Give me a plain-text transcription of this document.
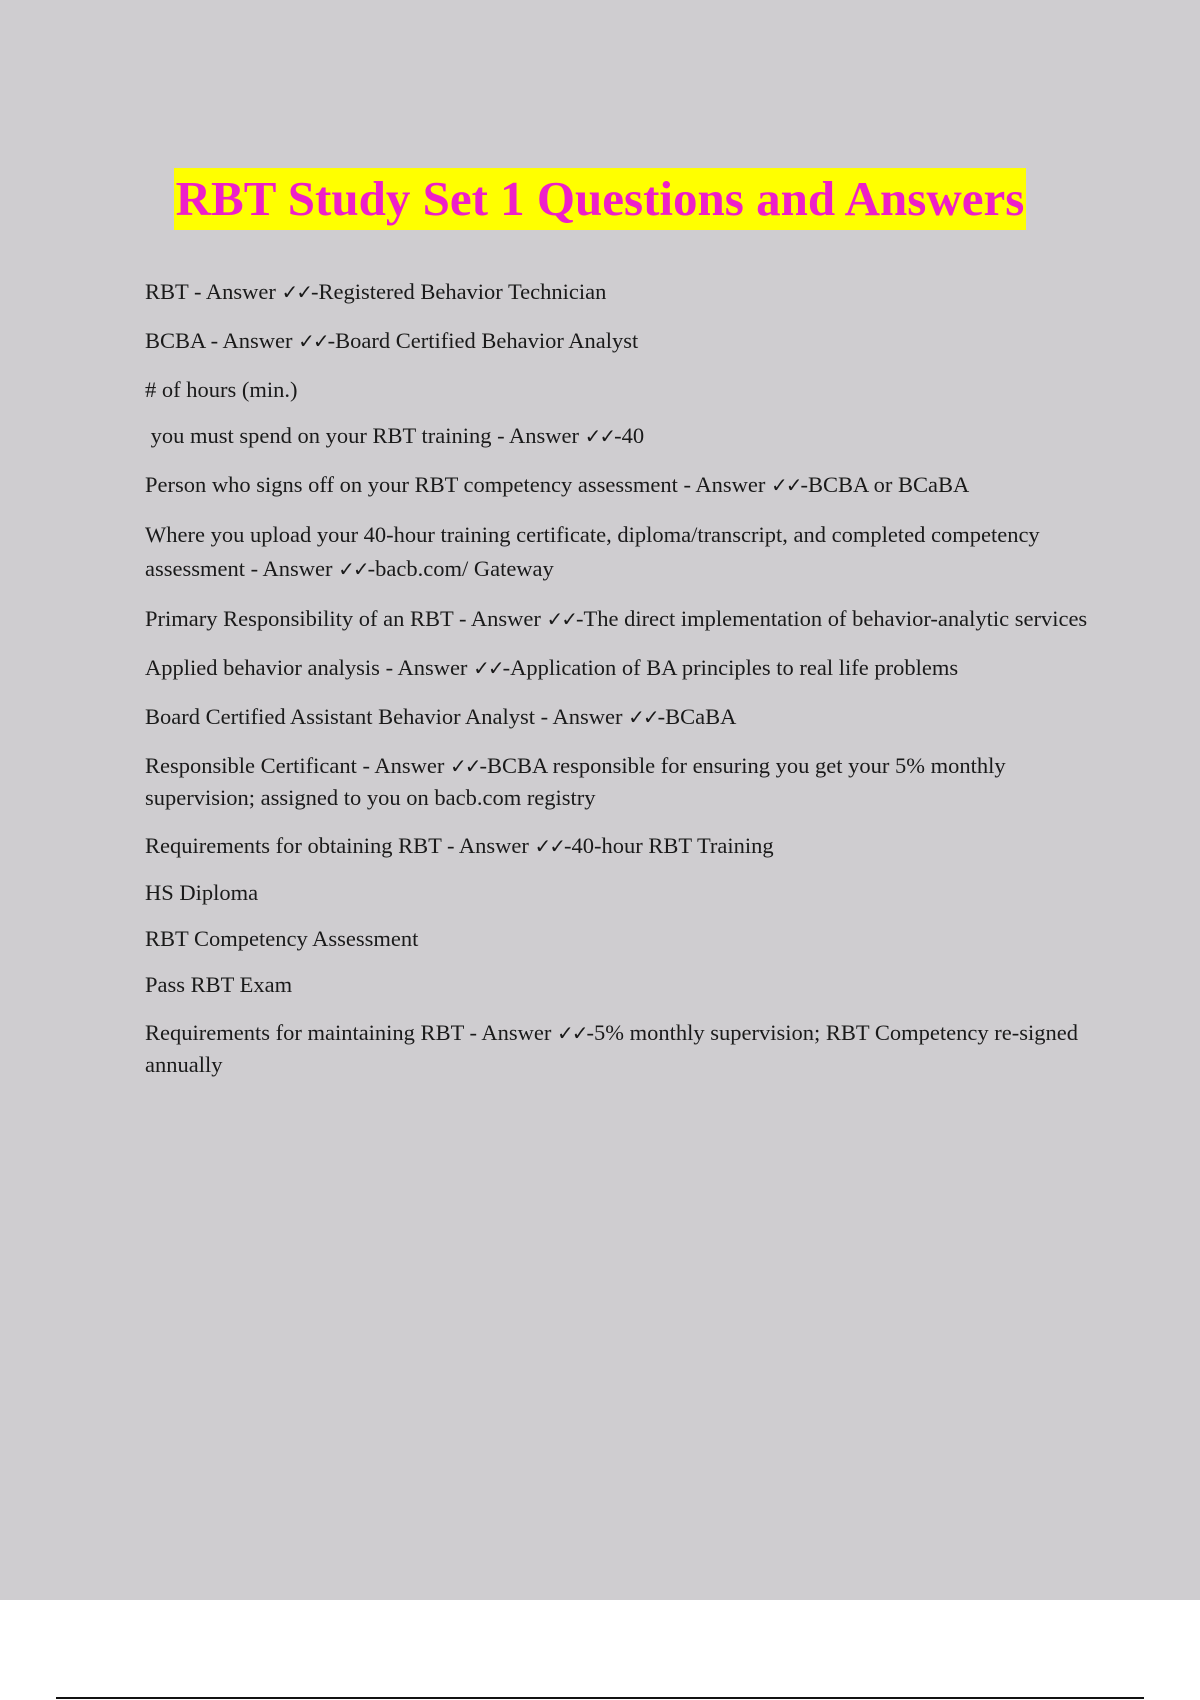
RBT Study Set 1 Questions and Answers
RBT - Answer ✓✓-Registered Behavior Technician
BCBA - Answer ✓✓-Board Certified Behavior Analyst
# of hours (min.)
you must spend on your RBT training - Answer ✓✓-40
Person who signs off on your RBT competency assessment - Answer ✓✓-BCBA or BCaBA
Where you upload your 40-hour training certificate, diploma/transcript, and completed competency assessment - Answer ✓✓-bacb.com/ Gateway
Primary Responsibility of an RBT - Answer ✓✓-The direct implementation of behavior-analytic services
Applied behavior analysis - Answer ✓✓-Application of BA principles to real life problems
Board Certified Assistant Behavior Analyst - Answer ✓✓-BCaBA
Responsible Certificant - Answer ✓✓-BCBA responsible for ensuring you get your 5% monthly supervision; assigned to you on bacb.com registry
Requirements for obtaining RBT - Answer ✓✓-40-hour RBT Training
HS Diploma
RBT Competency Assessment
Pass RBT Exam
Requirements for maintaining RBT - Answer ✓✓-5% monthly supervision; RBT Competency re-signed annually
